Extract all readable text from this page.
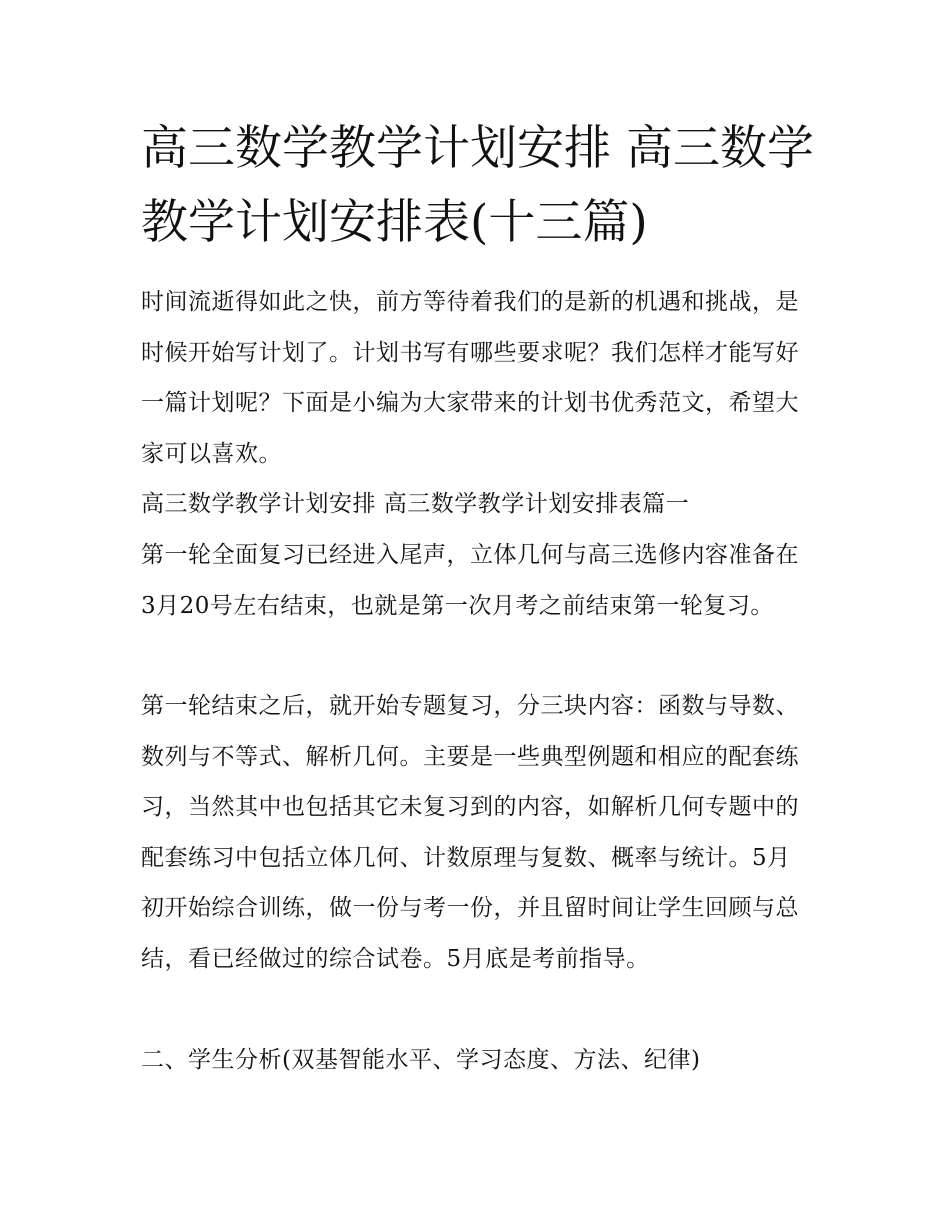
高三数学教学计划安排 高三数学教学计划安排表(十三篇)

时间流逝得如此之快，前方等待着我们的是新的机遇和挑战，是时候开始写计划了。计划书写有哪些要求呢？我们怎样才能写好一篇计划呢？下面是小编为大家带来的计划书优秀范文，希望大家可以喜欢。

高三数学教学计划安排 高三数学教学计划安排表篇一

第一轮全面复习已经进入尾声，立体几何与高三选修内容准备在3月20号左右结束，也就是第一次月考之前结束第一轮复习。

第一轮结束之后，就开始专题复习，分三块内容：函数与导数、数列与不等式、解析几何。主要是一些典型例题和相应的配套练习，当然其中也包括其它未复习到的内容，如解析几何专题中的配套练习中包括立体几何、计数原理与复数、概率与统计。5月初开始综合训练，做一份与考一份，并且留时间让学生回顾与总结，看已经做过的综合试卷。5月底是考前指导。

二、学生分析(双基智能水平、学习态度、方法、纪律)
